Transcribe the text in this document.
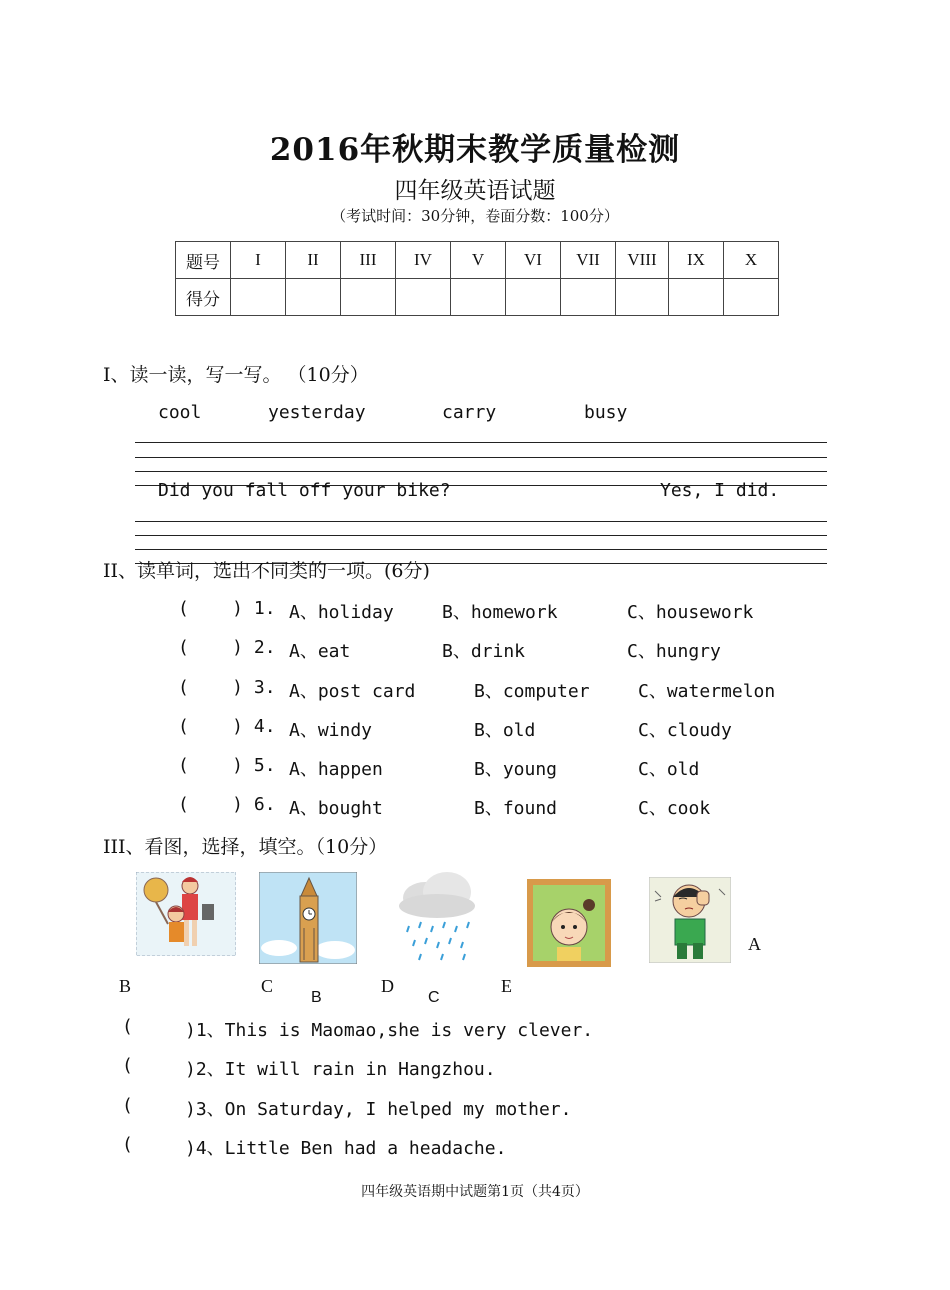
2016年秋期末教学质量检测
四年级英语试题
（考试时间：30分钟，卷面分数：100分）
题号	I	II	III	IV	V	VI	VII	VIII	IX	X
得分										
I、读一读，写一写。 （10分）
cool	yesterday	carry	busy
Did you fall off your bike?	Yes, I did.
II、读单词，选出不同类的一项。(6分)
(    ) 1. A、holiday	B、homework	C、housework
(    ) 2. A、eat	B、drink	C、hungry
(    ) 3. A、post card	B、computer	C、watermelon
(    ) 4. A、windy	B、old	C、cloudy
(    ) 5. A、happen	B、young	C、old
(    ) 6. A、bought	B、found	C、cook
III、看图，选择，填空。（10分）
A
B	C	D	E
B	C
(	)1、This is Maomao,she is very clever.
(	)2、It will rain in Hangzhou.
(	)3、On Saturday, I helped my mother.
(	)4、Little Ben had a headache.
四年级英语期中试题第1页（共4页）
